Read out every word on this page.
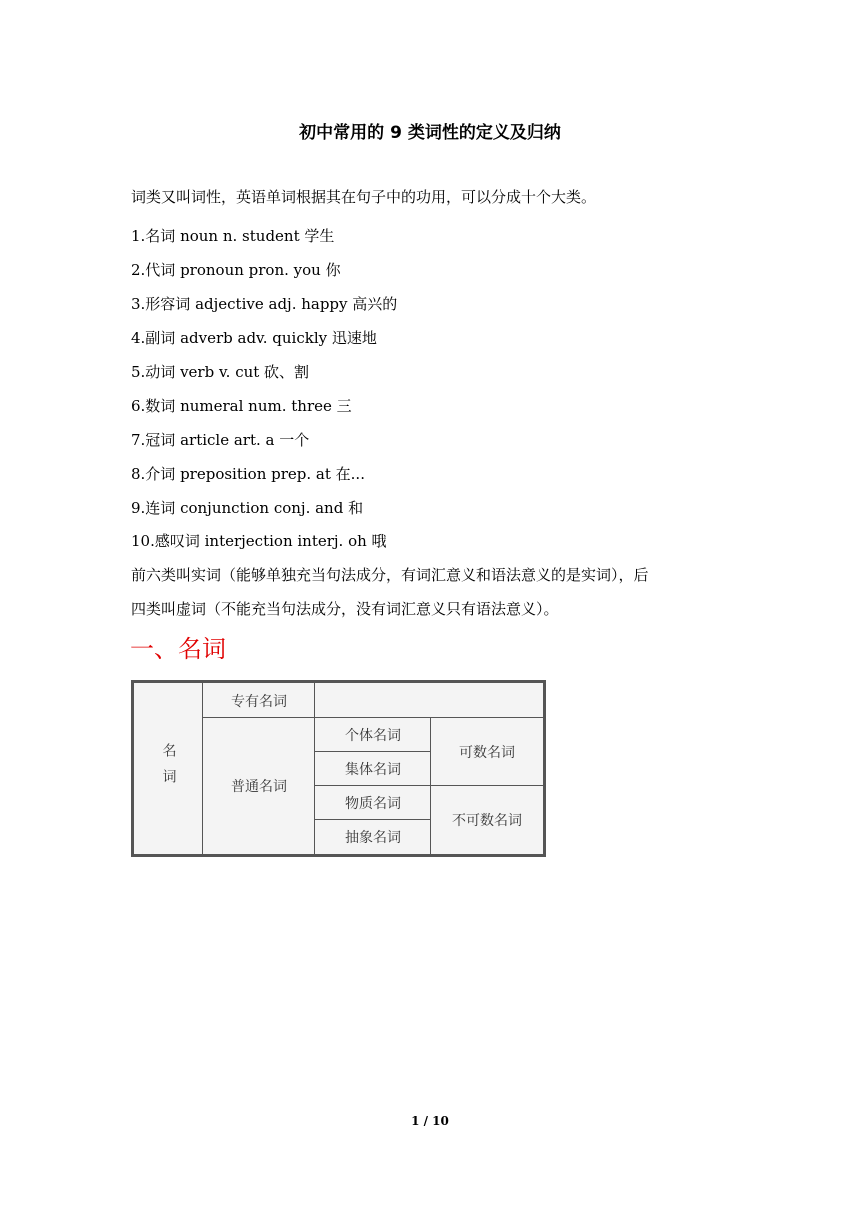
初中常用的 9 类词性的定义及归纳
词类又叫词性，英语单词根据其在句子中的功用，可以分成十个大类。
1.名词 noun n. student 学生
2.代词 pronoun pron. you 你
3.形容词 adjective adj. happy 高兴的
4.副词 adverb adv. quickly 迅速地
5.动词 verb v. cut 砍、割
6.数词 numeral num. three 三
7.冠词 article art. a 一个
8.介词 preposition prep. at 在...
9.连词 conjunction conj. and 和
10.感叹词 interjection interj. oh 哦
前六类叫实词（能够单独充当句法成分，有词汇意义和语法意义的是实词），后
四类叫虚词（不能充当句法成分，没有词汇意义只有语法意义）。
一、名词
名词
专有名词
普通名词
个体名词
集体名词
物质名词
抽象名词
可数名词
不可数名词
1 / 10
